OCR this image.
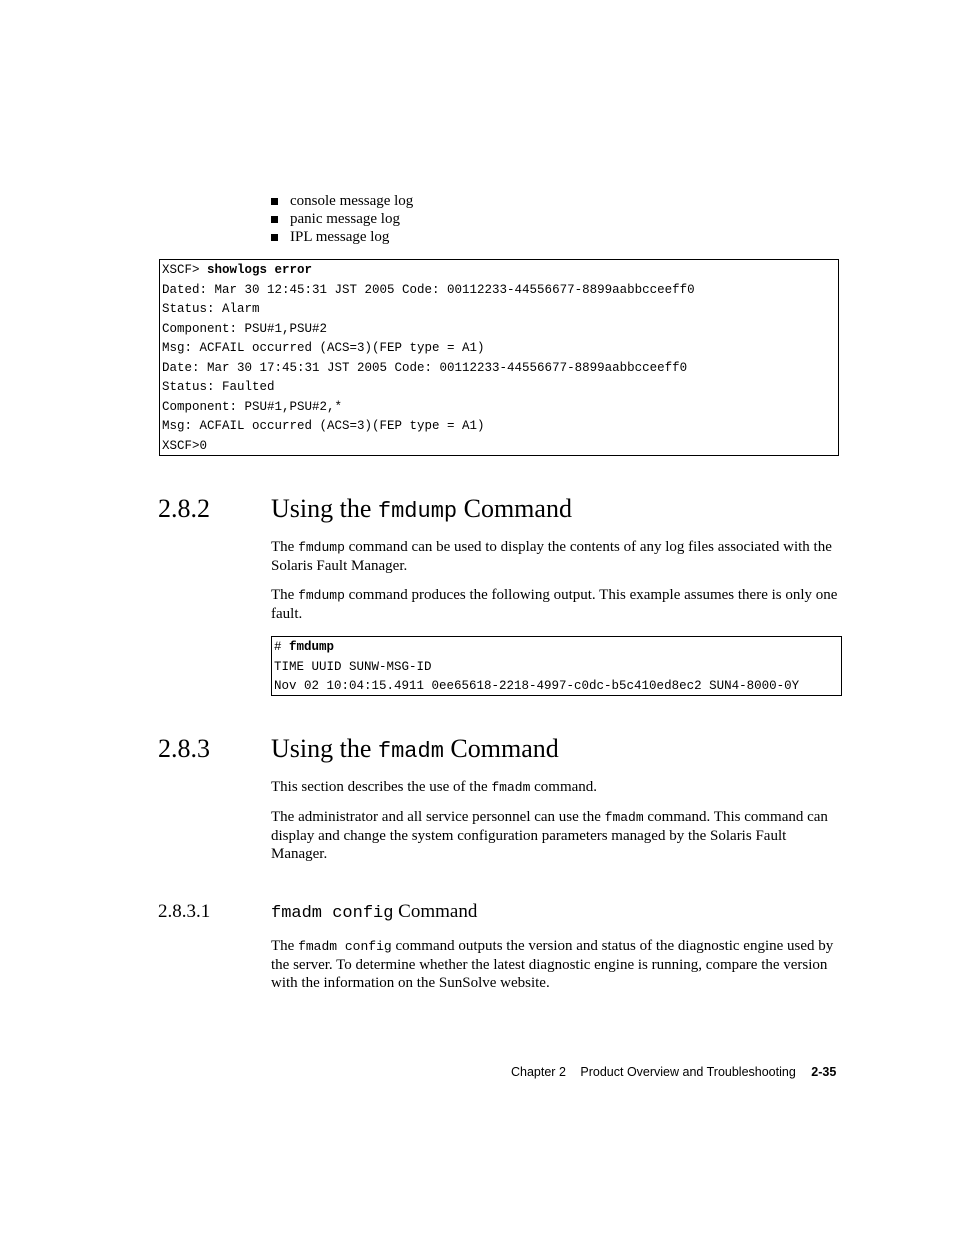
console message log
panic message log
IPL message log
XSCF> showlogs error
Dated: Mar 30 12:45:31 JST 2005 Code: 00112233-44556677-8899aabbcceeff0
Status: Alarm
Component: PSU#1,PSU#2
Msg: ACFAIL occurred (ACS=3)(FEP type = A1)
Date: Mar 30 17:45:31 JST 2005 Code: 00112233-44556677-8899aabbcceeff0
Status: Faulted
Component: PSU#1,PSU#2,*
Msg: ACFAIL occurred (ACS=3)(FEP type = A1)
XSCF>0
2.8.2 Using the fmdump Command
The fmdump command can be used to display the contents of any log files associated with the Solaris Fault Manager.
The fmdump command produces the following output. This example assumes there is only one fault.
# fmdump
TIME UUID SUNW-MSG-ID
Nov 02 10:04:15.4911 0ee65618-2218-4997-c0dc-b5c410ed8ec2 SUN4-8000-0Y
2.8.3 Using the fmadm Command
This section describes the use of the fmadm command.
The administrator and all service personnel can use the fmadm command. This command can display and change the system configuration parameters managed by the Solaris Fault Manager.
2.8.3.1	fmadm config Command
The fmadm config command outputs the version and status of the diagnostic engine used by the server. To determine whether the latest diagnostic engine is running, compare the version with the information on the SunSolve website.
Chapter 2 Product Overview and Troubleshooting 2-35
